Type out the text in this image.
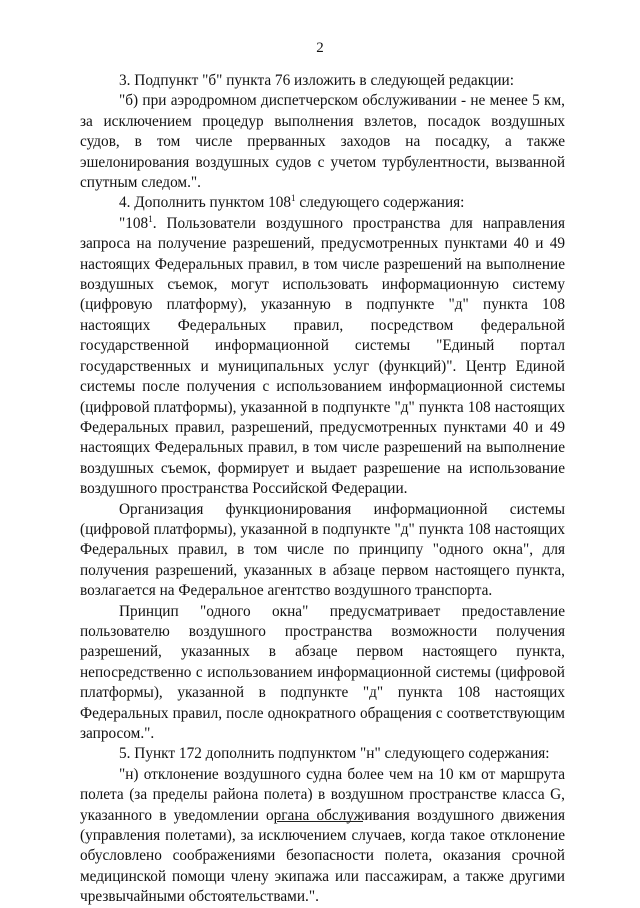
2

3. Подпункт "б" пункта 76 изложить в следующей редакции:

"б) при аэродромном диспетчерском обслуживании - не менее 5 км, за исключением процедур выполнения взлетов, посадок воздушных судов, в том числе прерванных заходов на посадку, а также эшелонирования воздушных судов с учетом турбулентности, вызванной спутным следом.".

4. Дополнить пунктом $108^1$ следующего содержания:

"$108^1$. Пользователи воздушного пространства для направления запроса на получение разрешений, предусмотренных пунктами 40 и 49 настоящих Федеральных правил, в том числе разрешений на выполнение воздушных съемок, могут использовать информационную систему (цифровую платформу), указанную в подпункте "д" пункта 108 настоящих Федеральных правил, посредством федеральной государственной информационной системы "Единый портал государственных и муниципальных услуг (функций)". Центр Единой системы после получения с использованием информационной системы (цифровой платформы), указанной в подпункте "д" пункта 108 настоящих Федеральных правил, разрешений, предусмотренных пунктами 40 и 49 настоящих Федеральных правил, в том числе разрешений на выполнение воздушных съемок, формирует и выдает разрешение на использование воздушного пространства Российской Федерации.

Организация функционирования информационной системы (цифровой платформы), указанной в подпункте "д" пункта 108 настоящих Федеральных правил, в том числе по принципу "одного окна", для получения разрешений, указанных в абзаце первом настоящего пункта, возлагается на Федеральное агентство воздушного транспорта.

Принцип "одного окна" предусматривает предоставление пользователю воздушного пространства возможности получения разрешений, указанных в абзаце первом настоящего пункта, непосредственно с использованием информационной системы (цифровой платформы), указанной в подпункте "д" пункта 108 настоящих Федеральных правил, после однократного обращения с соответствующим запросом.".

5. Пункт 172 дополнить подпунктом "н" следующего содержания:

"н) отклонение воздушного судна более чем на 10 км от маршрута полета (за пределы района полета) в воздушном пространстве класса G, указанного в уведомлении органа обслуживания воздушного движения (управления полетами), за исключением случаев, когда такое отклонение обусловлено соображениями безопасности полета, оказания срочной медицинской помощи члену экипажа или пассажирам, а также другими чрезвычайными обстоятельствами.".
